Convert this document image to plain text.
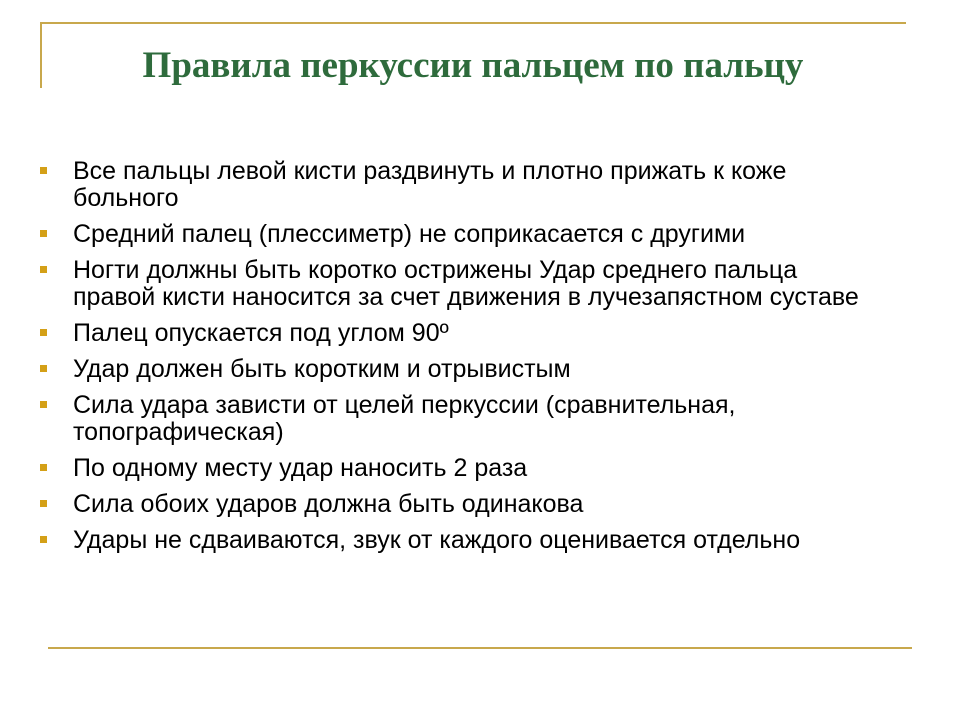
Правила перкуссии пальцем по пальцу
Все пальцы левой кисти раздвинуть и плотно прижать к коже больного
Средний палец (плессиметр) не соприкасается с другими
Ногти должны быть коротко острижены Удар среднего пальца правой кисти наносится за счет движения в лучезапястном суставе
Палец опускается под углом 90º
Удар должен быть коротким и отрывистым
Сила удара зависти от целей перкуссии (сравнительная, топографическая)
По одному месту удар наносить 2 раза
Сила обоих ударов должна быть одинакова
Удары не сдваиваются, звук от каждого оценивается отдельно
